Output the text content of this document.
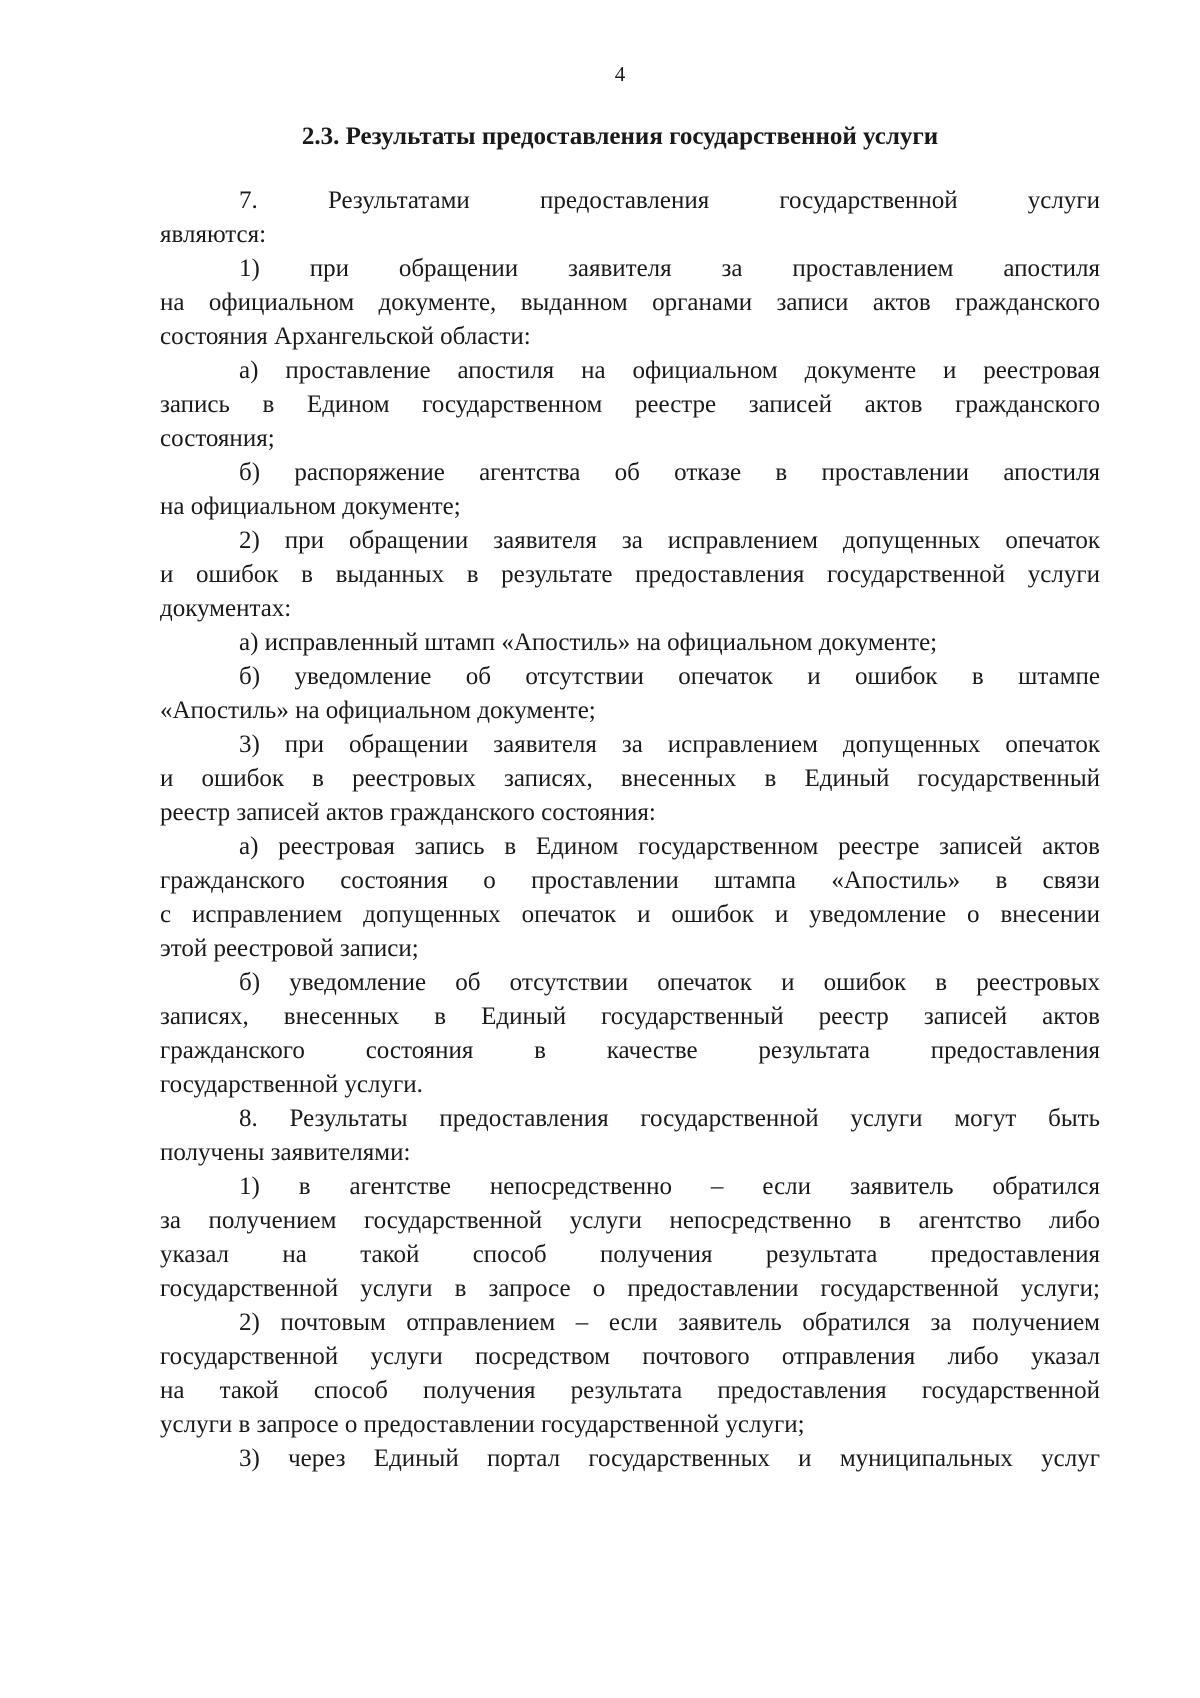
4
2.3. Результаты предоставления государственной услуги
7. Результатами предоставления государственной услуги
являются:
1) при обращении заявителя за проставлением апостиля
на официальном документе, выданном органами записи актов гражданского
состояния Архангельской области:
а) проставление апостиля на официальном документе и реестровая
запись в Едином государственном реестре записей актов гражданского
состояния;
б) распоряжение агентства об отказе в проставлении апостиля
на официальном документе;
2) при обращении заявителя за исправлением допущенных опечаток
и ошибок в выданных в результате предоставления государственной услуги
документах:
а) исправленный штамп «Апостиль» на официальном документе;
б) уведомление об отсутствии опечаток и ошибок в штампе
«Апостиль» на официальном документе;
3) при обращении заявителя за исправлением допущенных опечаток
и ошибок в реестровых записях, внесенных в Единый государственный
реестр записей актов гражданского состояния:
а) реестровая запись в Едином государственном реестре записей актов
гражданского состояния о проставлении штампа «Апостиль» в связи
с исправлением допущенных опечаток и ошибок и уведомление о внесении
этой реестровой записи;
б) уведомление об отсутствии опечаток и ошибок в реестровых
записях, внесенных в Единый государственный реестр записей актов
гражданского состояния в качестве результата предоставления
государственной услуги.
8. Результаты предоставления государственной услуги могут быть
получены заявителями:
1) в агентстве непосредственно – если заявитель обратился
за получением государственной услуги непосредственно в агентство либо
указал на такой способ получения результата предоставления
государственной услуги в запросе о предоставлении государственной услуги;
2) почтовым отправлением – если заявитель обратился за получением
государственной услуги посредством почтового отправления либо указал
на такой способ получения результата предоставления государственной
услуги в запросе о предоставлении государственной услуги;
3) через Единый портал государственных и муниципальных услуг
